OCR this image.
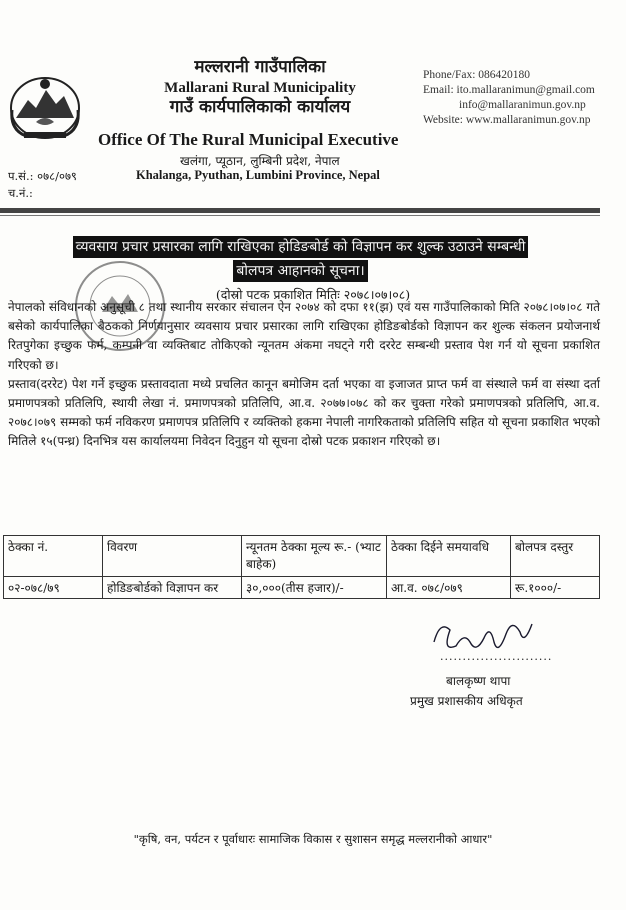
मल्लरानी गाउँपालिका
Mallarani Rural Municipality
गाउँ कार्यपालिकाको कार्यालय
Office Of The Rural Municipal Executive
खलंगा, प्यूठान, लुम्बिनी प्रदेश, नेपाल
Khalanga, Pyuthan, Lumbini Province, Nepal
Phone/Fax: 086420180
Email: ito.mallaranimun@gmail.com
info@mallaranimun.gov.np
Website: www.mallaranimun.gov.np
प.सं.: ०७८/०७९
च.नं.:
व्यवसाय प्रचार प्रसारका लागि राखिएका होडिङबोर्ड को विज्ञापन कर शुल्क उठाउने सम्बन्धी
बोलपत्र आहानको सूचना।
(दोस्रो पटक प्रकाशित मितिः २०७८।०७।०८)

नेपालको संविधानको अनुसूची ८ तथा स्थानीय सरकार संचालन ऐन २०७४ को दफा ११(झ) एवं यस गाउँपालिकाको मिति २०७८।०७।०८ गते बसेको कार्यपालिका बैठकको निर्णयानुसार व्यवसाय प्रचार प्रसारका लागि राखिएका होडिङबोर्डको विज्ञापन कर शुल्क संकलन प्रयोजनार्थ रितपुगेका इच्छुक फर्म, कम्पनी वा व्यक्तिबाट तोकिएको न्यूनतम अंकमा नघट्ने गरी दररेट सम्बन्धी प्रस्ताव पेश गर्न यो सूचना प्रकाशित गरिएको छ।

प्रस्ताव(दररेट) पेश गर्ने इच्छुक प्रस्तावदाता मध्ये प्रचलित कानून बमोजिम दर्ता भएका वा इजाजत प्राप्त फर्म वा संस्थाले फर्म वा संस्था दर्ता प्रमाणपत्रको प्रतिलिपि, स्थायी लेखा नं. प्रमाणपत्रको प्रतिलिपि, आ.व. २०७७।०७८ को कर चुक्ता गरेको प्रमाणपत्रको प्रतिलिपि, आ.व. २०७८।०७९ सम्मको फर्म नविकरण प्रमाणपत्र प्रतिलिपि र व्यक्तिको हकमा नेपाली नागरिकताको प्रतिलिपि सहित यो सूचना प्रकाशित भएको मितिले १५(पन्ध्र) दिनभित्र यस कार्यालयमा निवेदन दिनुहुन यो सूचना दोस्रो पटक प्रकाशन गरिएको छ।

ठेक्का नं.	विवरण	न्यूनतम ठेक्का मूल्य रू.- (भ्याट बाहेक)	ठेक्का दिईने समयावधि	बोलपत्र दस्तुर
०२-०७८/७९	होडिङबोर्डको विज्ञापन कर	३०,०००(तीस हजार)/-	आ.व. ०७८/०७९	रू.१०००/-
.........................
बालकृष्ण थापा
प्रमुख प्रशासकीय अधिकृत
"कृषि, वन, पर्यटन र पूर्वाधारः सामाजिक विकास र सुशासन समृद्ध मल्लरानीको आधार"
